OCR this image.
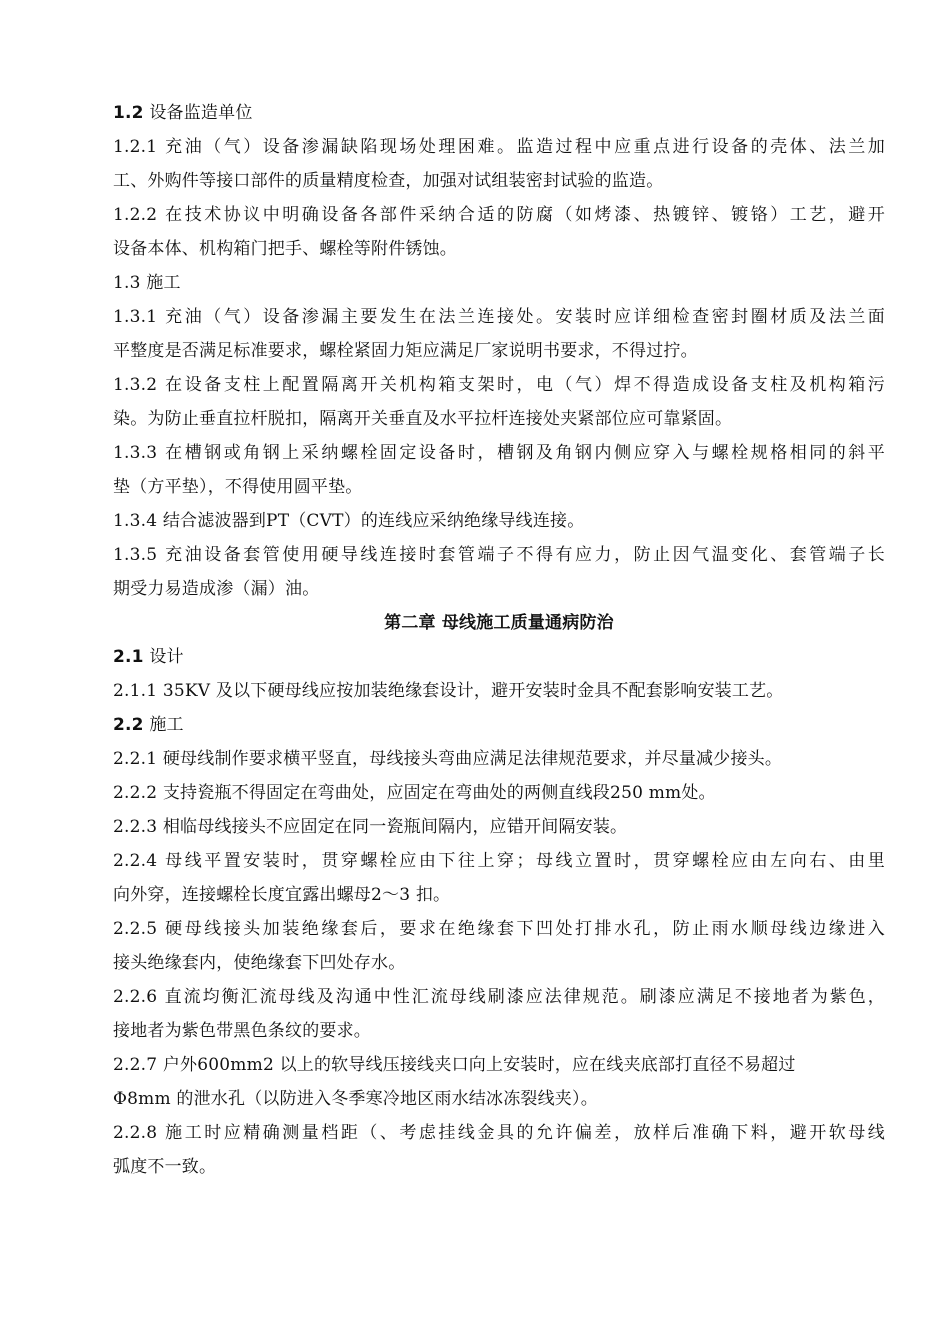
1.2 设备监造单位
1.2.1 充油（气）设备渗漏缺陷现场处理困难。监造过程中应重点进行设备的壳体、法兰加
工、外购件等接口部件的质量精度检查，加强对试组装密封试验的监造。
1.2.2 在技术协议中明确设备各部件采纳合适的防腐（如烤漆、热镀锌、镀铬）工艺，避开
设备本体、机构箱门把手、螺栓等附件锈蚀。
1.3 施工
1.3.1 充油（气）设备渗漏主要发生在法兰连接处。安装时应详细检查密封圈材质及法兰面
平整度是否满足标准要求，螺栓紧固力矩应满足厂家说明书要求，不得过拧。
1.3.2 在设备支柱上配置隔离开关机构箱支架时，电（气）焊不得造成设备支柱及机构箱污
染。为防止垂直拉杆脱扣，隔离开关垂直及水平拉杆连接处夹紧部位应可靠紧固。
1.3.3 在槽钢或角钢上采纳螺栓固定设备时，槽钢及角钢内侧应穿入与螺栓规格相同的斜平
垫（方平垫），不得使用圆平垫。
1.3.4 结合滤波器到PT（CVT）的连线应采纳绝缘导线连接。
1.3.5 充油设备套管使用硬导线连接时套管端子不得有应力，防止因气温变化、套管端子长
期受力易造成渗（漏）油。
第二章 母线施工质量通病防治
2.1 设计
2.1.1 35KV 及以下硬母线应按加装绝缘套设计，避开安装时金具不配套影响安装工艺。
2.2 施工
2.2.1 硬母线制作要求横平竖直，母线接头弯曲应满足法律规范要求，并尽量减少接头。
2.2.2 支持瓷瓶不得固定在弯曲处，应固定在弯曲处的两侧直线段250 mm处。
2.2.3 相临母线接头不应固定在同一瓷瓶间隔内，应错开间隔安装。
2.2.4 母线平置安装时，贯穿螺栓应由下往上穿；母线立置时，贯穿螺栓应由左向右、由里
向外穿，连接螺栓长度宜露出螺母2～3 扣。
2.2.5 硬母线接头加装绝缘套后，要求在绝缘套下凹处打排水孔，防止雨水顺母线边缘进入
接头绝缘套内，使绝缘套下凹处存水。
2.2.6 直流均衡汇流母线及沟通中性汇流母线刷漆应法律规范。刷漆应满足不接地者为紫色，
接地者为紫色带黑色条纹的要求。
2.2.7 户外600mm2 以上的软导线压接线夹口向上安装时，应在线夹底部打直径不易超过
Φ8mm 的泄水孔（以防进入冬季寒冷地区雨水结冰冻裂线夹）。
2.2.8 施工时应精确测量档距（、考虑挂线金具的允许偏差，放样后准确下料，避开软母线
弧度不一致。
